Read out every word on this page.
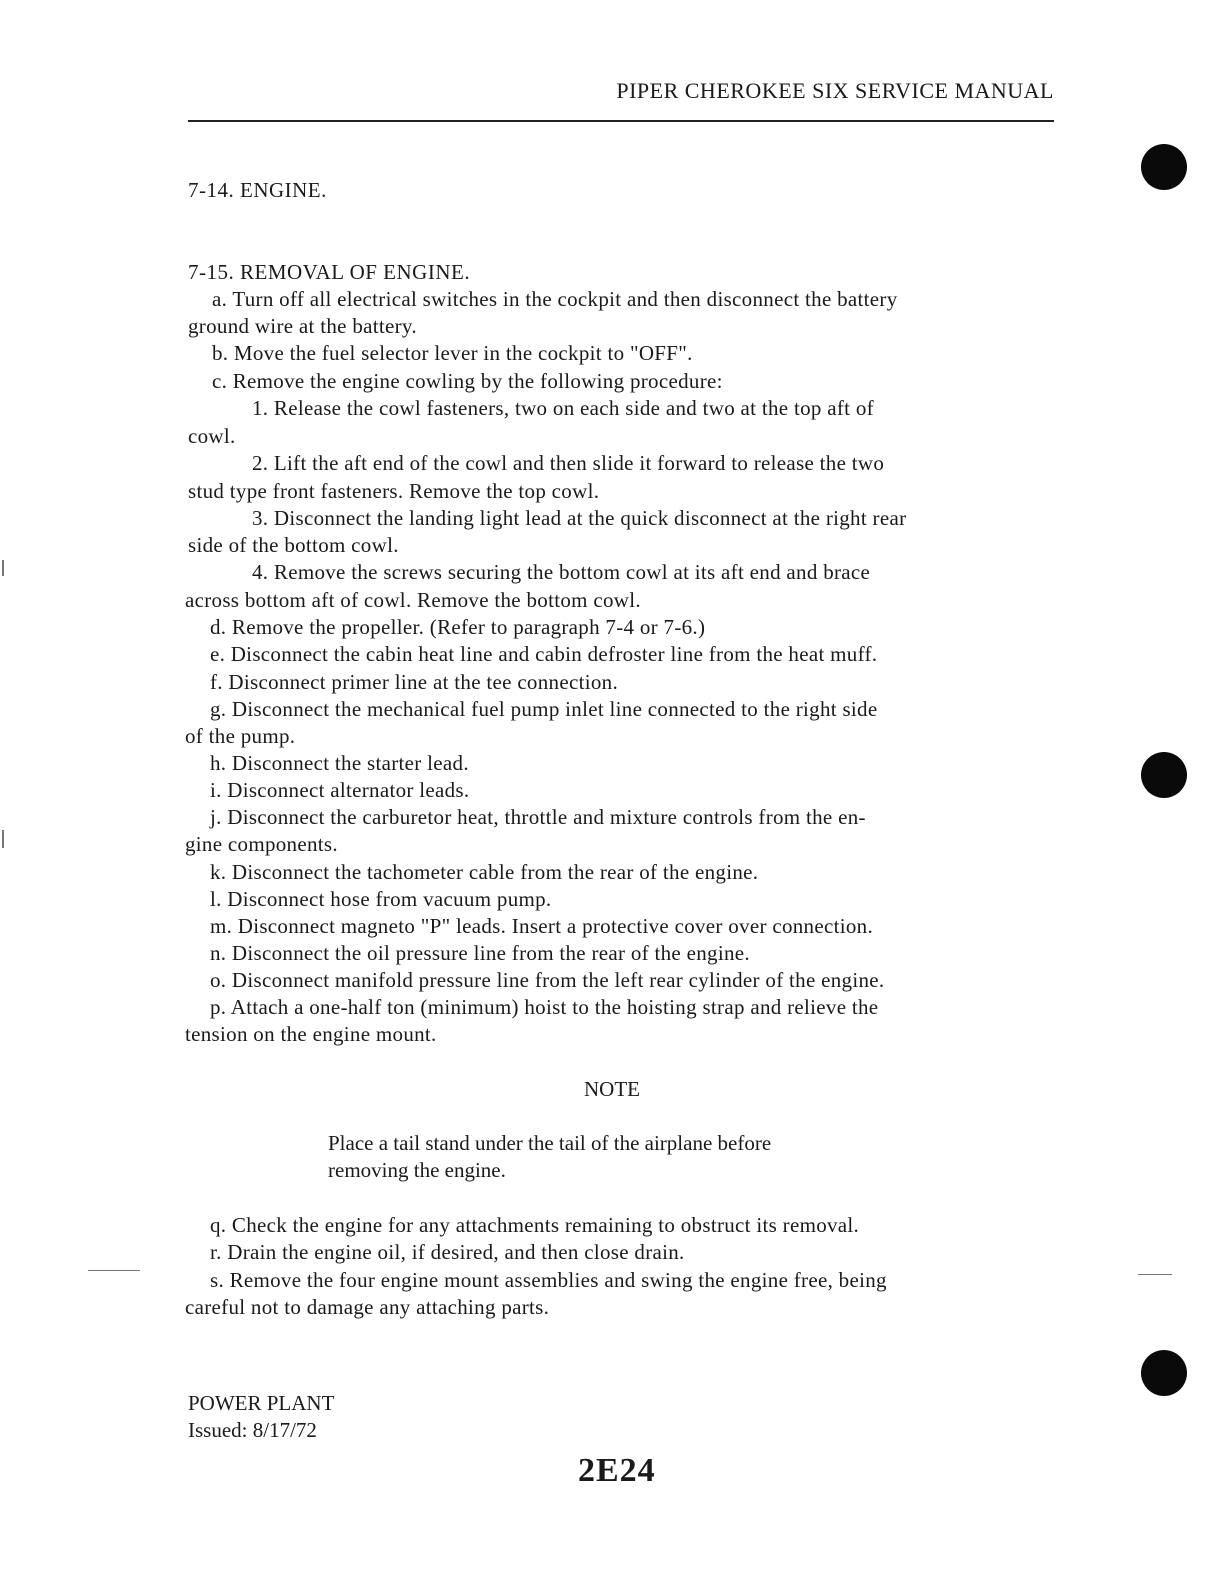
PIPER CHEROKEE SIX SERVICE MANUAL
7-14. ENGINE.
7-15. REMOVAL OF ENGINE.
a. Turn off all electrical switches in the cockpit and then disconnect the battery
ground wire at the battery.
b. Move the fuel selector lever in the cockpit to "OFF".
c. Remove the engine cowling by the following procedure:
1. Release the cowl fasteners, two on each side and two at the top aft of
cowl.
2. Lift the aft end of the cowl and then slide it forward to release the two
stud type front fasteners. Remove the top cowl.
3. Disconnect the landing light lead at the quick disconnect at the right rear
side of the bottom cowl.
4. Remove the screws securing the bottom cowl at its aft end and brace
across bottom aft of cowl. Remove the bottom cowl.
d. Remove the propeller. (Refer to paragraph 7-4 or 7-6.)
e. Disconnect the cabin heat line and cabin defroster line from the heat muff.
f. Disconnect primer line at the tee connection.
g. Disconnect the mechanical fuel pump inlet line connected to the right side
of the pump.
h. Disconnect the starter lead.
i. Disconnect alternator leads.
j. Disconnect the carburetor heat, throttle and mixture controls from the en-
gine components.
k. Disconnect the tachometer cable from the rear of the engine.
l. Disconnect hose from vacuum pump.
m. Disconnect magneto "P" leads. Insert a protective cover over connection.
n. Disconnect the oil pressure line from the rear of the engine.
o. Disconnect manifold pressure line from the left rear cylinder of the engine.
p. Attach a one-half ton (minimum) hoist to the hoisting strap and relieve the
tension on the engine mount.
NOTE
Place a tail stand under the tail of the airplane before
removing the engine.
q. Check the engine for any attachments remaining to obstruct its removal.
r. Drain the engine oil, if desired, and then close drain.
s. Remove the four engine mount assemblies and swing the engine free, being
careful not to damage any attaching parts.
POWER PLANT
Issued: 8/17/72
2E24
